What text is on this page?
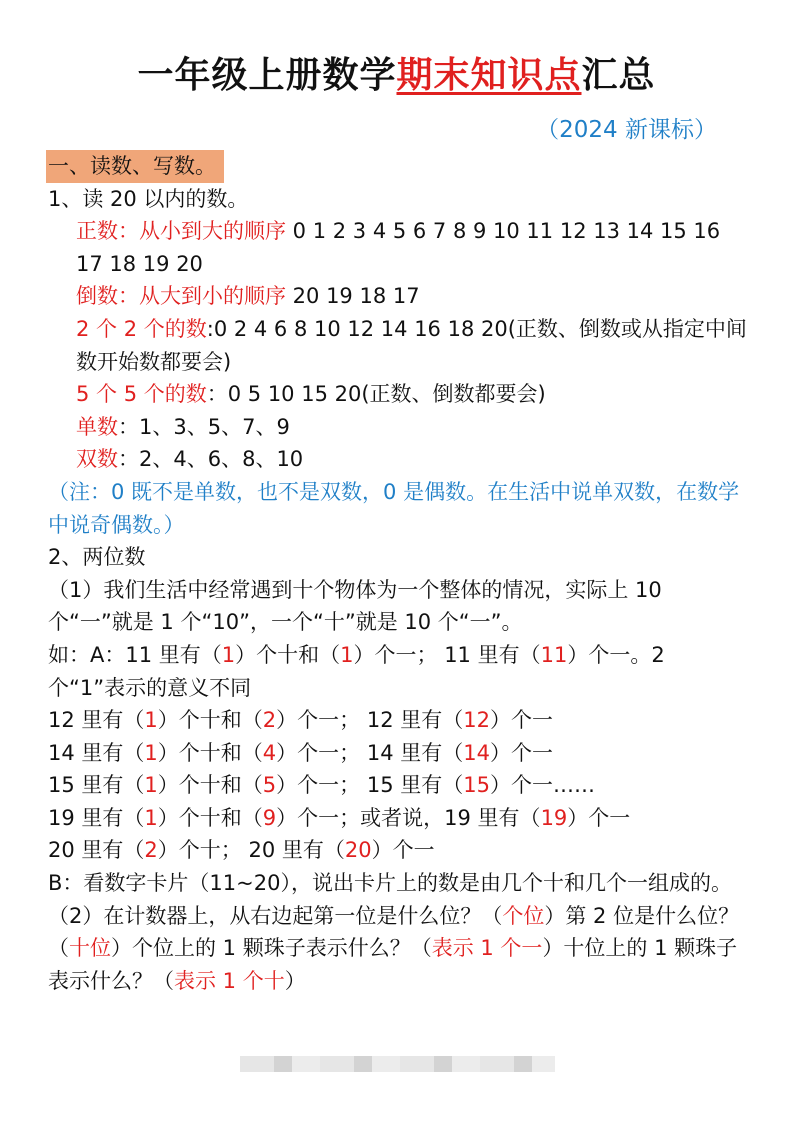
一年级上册数学期末知识点汇总
（2024 新课标）
一、读数、写数。
1、读 20 以内的数。
正数：从小到大的顺序 0 1 2 3 4 5 6 7 8 9 10 11 12 13 14 15 16 17 18 19 20
倒数：从大到小的顺序 20 19 18 17
2 个 2 个的数:0 2 4 6 8 10 12 14 16 18 20(正数、倒数或从指定中间数开始数都要会)
5 个 5 个的数：0 5 10 15 20(正数、倒数都要会)
单数：1、3、5、7、9
双数：2、4、6、8、10
（注：0 既不是单数，也不是双数，0 是偶数。在生活中说单双数，在数学中说奇偶数。）
2、两位数
（1）我们生活中经常遇到十个物体为一个整体的情况，实际上 10 个“一”就是 1 个“10”，一个“十”就是 10 个“一”。
如：A：11 里有（1）个十和（1）个一； 11 里有（11）个一。2 个“1”表示的意义不同
12 里有（1）个十和（2）个一； 12 里有（12）个一
14 里有（1）个十和（4）个一； 14 里有（14）个一
15 里有（1）个十和（5）个一； 15 里有（15）个一……
19 里有（1）个十和（9）个一；或者说，19 里有（19）个一
20 里有（2）个十； 20 里有（20）个一
B：看数字卡片（11~20），说出卡片上的数是由几个十和几个一组成的。
（2）在计数器上，从右边起第一位是什么位？（个位）第 2 位是什么位？（十位）个位上的 1 颗珠子表示什么？（表示 1 个一）十位上的 1 颗珠子表示什么？（表示 1 个十）
